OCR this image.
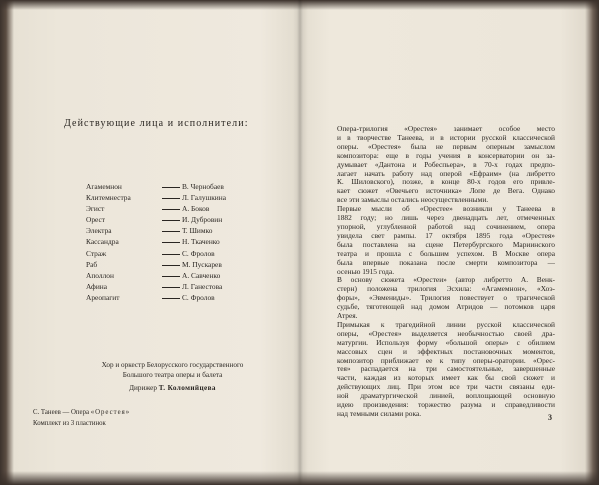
Действующие лица и исполнители:
Агамемнон	В. Чернобаев
Клитемнестра	Л. Галушкина
Эгист	А. Боков
Орест	И. Дубровин
Электра	Т. Шимко
Кассандра	Н. Ткаченко
Страж	С. Фролов
Раб	М. Пускарев
Аполлон	А. Савченко
Афина	Л. Ганестова
Ареопагит	С. Фролов
Хор и оркестр Белорусского государственного
Большого театра оперы и балета
Дирижер Т. Коломийцева
С. Танеев — Опера «Орестея»
Комплект из 3 пластинок

Опера-трилогия «Орестея» занимает особое место
и в творчестве Танеева, и в истории русской классической
оперы. «Орестея» была не первым оперным замыслом
композитора: еще в годы учения в консерватории он за-
думывает «Дантона и Робеспьера», в 70-х годах предпо-
лагает начать работу над оперой «Ефраим» (на либретто
К. Шиловского), позже, в конце 80-х годов его привле-
кает сюжет «Овечьего источника» Лопе де Вега. Однако
все эти замыслы остались неосуществленными.

Первые мысли об «Орестее» возникли у Танеева в
1882 году; но лишь через двенадцать лет, отмеченных
упорной, углубленной работой над сочинением, опера
увидела свет рампы. 17 октября 1895 года «Орестея»
была поставлена на сцене Петербургского Мариинского
театра и прошла с большим успехом. В Москве опера
была впервые показана после смерти композитора —
осенью 1915 года.

В основу сюжета «Орестеи» (автор либретто А. Венк-
стерн) положена трилогия Эсхила: «Агамемнон», «Хоэ-
форы», «Эвмениды». Трилогия повествует о трагической
судьбе, тяготеющей над домом Атридов — потомков царя
Атрея.

Примыкая к трагедийной линии русской классической
оперы, «Орестея» выделяется необычностью своей дра-
матургии. Используя форму «большой оперы» с обилием
массовых сцен и эффектных постановочных моментов,
композитор приближает ее к типу оперы-оратории. «Орес-
тея» распадается на три самостоятельные, завершенные
части, каждая из которых имеет как бы свой сюжет и
действующих лиц. При этом все три части связаны еди-
ной драматургической линией, воплощающей основную
идею произведения: торжество разума и справедливости
над темными силами рока.	3
